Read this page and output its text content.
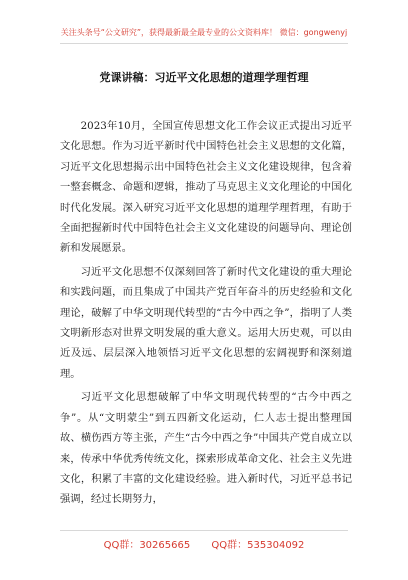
关注头条号“公文研究”，获得最新最全最专业的公文资料库！ 微信：gongwenyj
党课讲稿：习近平文化思想的道理学理哲理

2023年10月，全国宣传思想文化工作会议正式提出习近平文化思想。作为习近平新时代中国特色社会主义思想的文化篇，习近平文化思想揭示出中国特色社会主义文化建设规律，包含着一整套概念、命题和逻辑，推动了马克思主义文化理论的中国化时代化发展。深入研究习近平文化思想的道理学理哲理，有助于全面把握新时代中国特色社会主义文化建设的问题导向、理论创新和发展愿景。

习近平文化思想不仅深刻回答了新时代文化建设的重大理论和实践问题，而且集成了中国共产党百年奋斗的历史经验和文化理论，破解了中华文明现代转型的“古今中西之争”，指明了人类文明新形态对世界文明发展的重大意义。运用大历史观，可以由近及远、层层深入地领悟习近平文化思想的宏阔视野和深刻道理。

习近平文化思想破解了中华文明现代转型的“古今中西之争”。从“文明蒙尘”到五四新文化运动，仁人志士提出整理国故、横伤西方等主张，产生“古今中西之争”中国共产党自成立以来，传承中华优秀传统文化，探索形成革命文化、社会主义先进文化，积累了丰富的文化建设经验。进入新时代，习近平总书记强调，经过长期努力，

QQ群：30265665 QQ群：535304092
